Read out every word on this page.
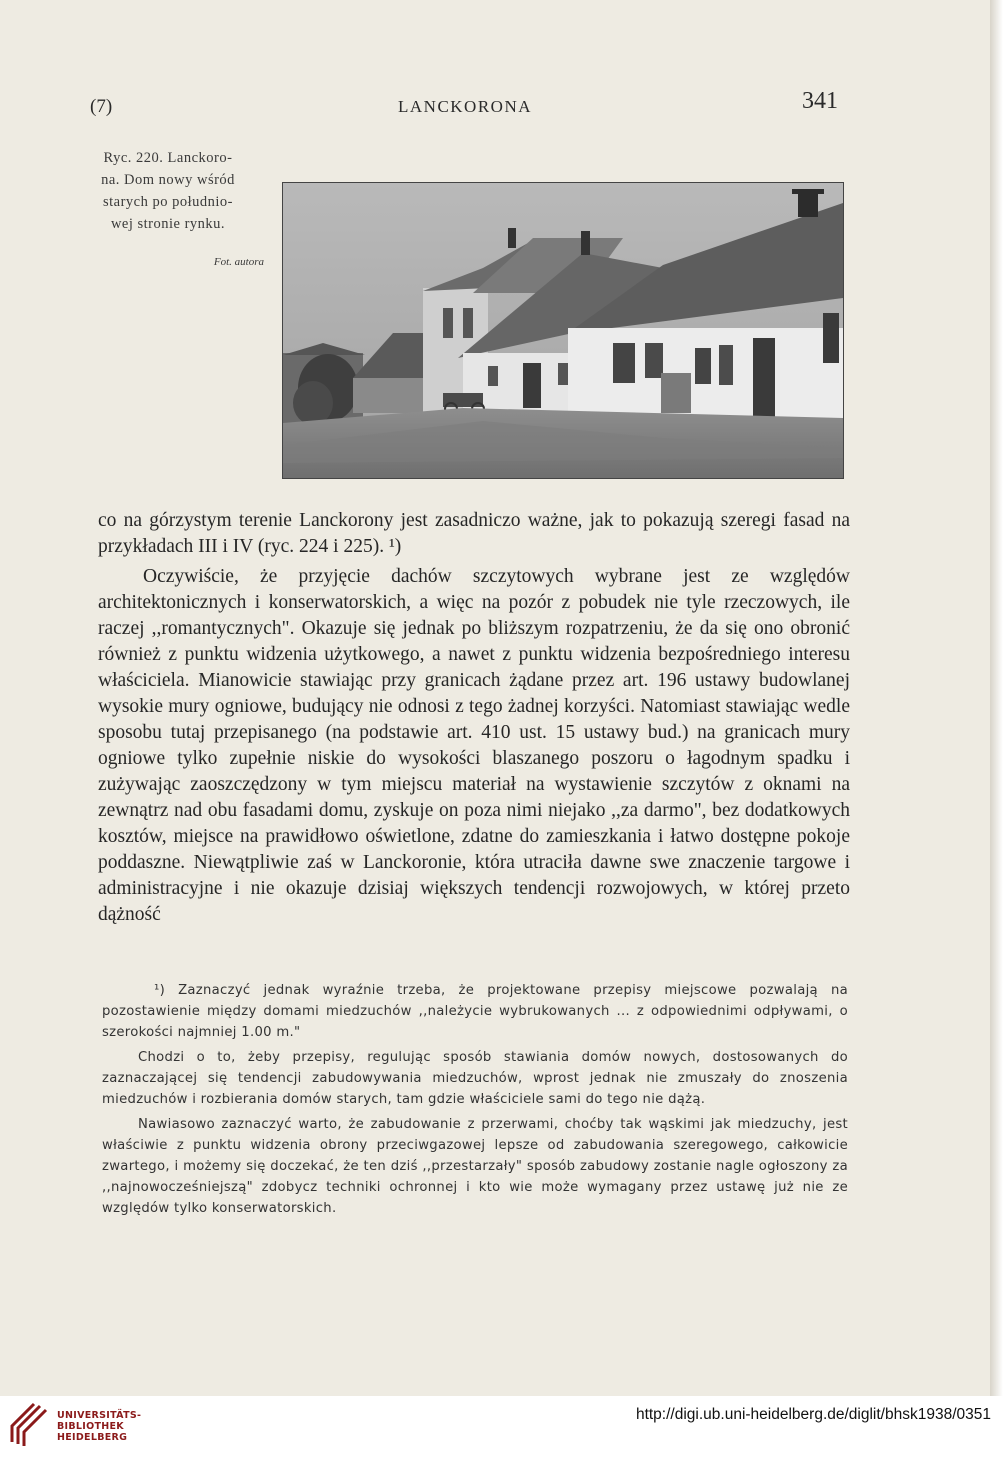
(7)	LANCKORONA	341
Ryc. 220. Lanckoro-
na. Dom nowy wśród
starych po południo-
wej stronie rynku.
Fot. autora

co na górzystym terenie Lanckorony jest zasadniczo ważne, jak to pokazują szeregi fasad na przykładach III i IV (ryc. 224 i 225). ¹)

Oczywiście, że przyjęcie dachów szczytowych wybrane jest ze względów architektonicznych i konserwatorskich, a więc na pozór z pobudek nie tyle rzeczowych, ile raczej ,,romantycznych". Okazuje się jednak po bliższym rozpatrzeniu, że da się ono obronić również z punktu widzenia użytkowego, a nawet z punktu widzenia bezpośredniego interesu właściciela. Mianowicie stawiając przy granicach żądane przez art. 196 ustawy budowlanej wysokie mury ogniowe, budujący nie odnosi z tego żadnej korzyści. Natomiast stawiając wedle sposobu tutaj przepisanego (na podstawie art. 410 ust. 15 ustawy bud.) na granicach mury ogniowe tylko zupełnie niskie do wysokości blaszanego poszoru o łagodnym spadku i zużywając zaoszczędzony w tym miejscu materiał na wystawienie szczytów z oknami na zewnątrz nad obu fasadami domu, zyskuje on poza nimi niejako ,,za darmo", bez dodatkowych kosztów, miejsce na prawidłowo oświetlone, zdatne do zamieszkania i łatwo dostępne pokoje poddaszne. Niewątpliwie zaś w Lanckoronie, która utraciła dawne swe znaczenie targowe i administracyjne i nie okazuje dzisiaj większych tendencji rozwojowych, w której przeto dążność

¹) Zaznaczyć jednak wyraźnie trzeba, że projektowane przepisy miejscowe pozwalają na pozostawienie między domami miedzuchów ,,należycie wybrukowanych ... z odpowiednimi odpływami, o szerokości najmniej 1.00 m."

Chodzi o to, żeby przepisy, regulując sposób stawiania domów nowych, dostosowanych do zaznaczającej się tendencji zabudowywania miedzuchów, wprost jednak nie zmuszały do znoszenia miedzuchów i rozbierania domów starych, tam gdzie właściciele sami do tego nie dążą.

Nawiasowo zaznaczyć warto, że zabudowanie z przerwami, choćby tak wąskimi jak miedzuchy, jest właściwie z punktu widzenia obrony przeciwgazowej lepsze od zabudowania szeregowego, całkowicie zwartego, i możemy się doczekać, że ten dziś ,,przestarzały" sposób zabudowy zostanie nagle ogłoszony za ,,najnowocześniejszą" zdobycz techniki ochronnej i kto wie może wymagany przez ustawę już nie ze względów tylko konserwatorskich.

UNIVERSITÄTS-
BIBLIOTHEK
HEIDELBERG
http://digi.ub.uni-heidelberg.de/diglit/bhsk1938/0351
